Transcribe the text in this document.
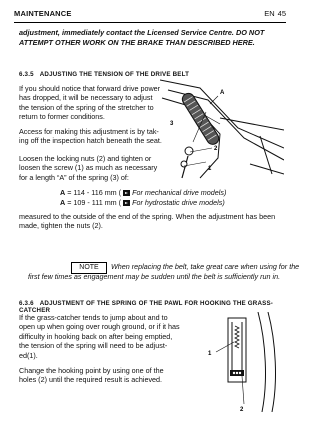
MAINTENANCE	EN 45
adjustment, immediately contact the Licensed Service Centre. DO NOT ATTEMPT OTHER WORK ON THE BRAKE THAN DESCRIBED HERE.
6.3.5 ADJUSTING THE TENSION OF THE DRIVE BELT
If you should notice that forward drive power
has dropped, it will be necessary to adjust
the tension of the spring of the stretcher to
return to former conditions.
Access for making this adjustment is by tak-
ing off the inspection hatch beneath the seat.
Loosen the locking nuts (2) and tighten or
loosen the screw (1) as much as necessary
for a length “A” of the spring (3) of:
A = 114 - 116 mm ( For mechanical drive models)
A = 109 - 111 mm ( For hydrostatic drive models)
measured to the outside of the end of the spring. When the adjustment has been
made, tighten the nuts (2).
NOTE	When replacing the belt, take great care when using for the
first few times as engagement may be sudden until the belt is sufficiently run in.
A
3
2
1
6.3.6 ADJUSTMENT OF THE SPRING OF THE PAWL FOR HOOKING THE GRASS-CATCHER
If the grass-catcher tends to jump about and to
open up when going over rough ground, or if it has
difficulty in hooking back on after being emptied,
the tension of the spring will need to be adjust-
ed(1).
Change the hooking point by using one of the
holes (2) until the required result is achieved.
1
2
